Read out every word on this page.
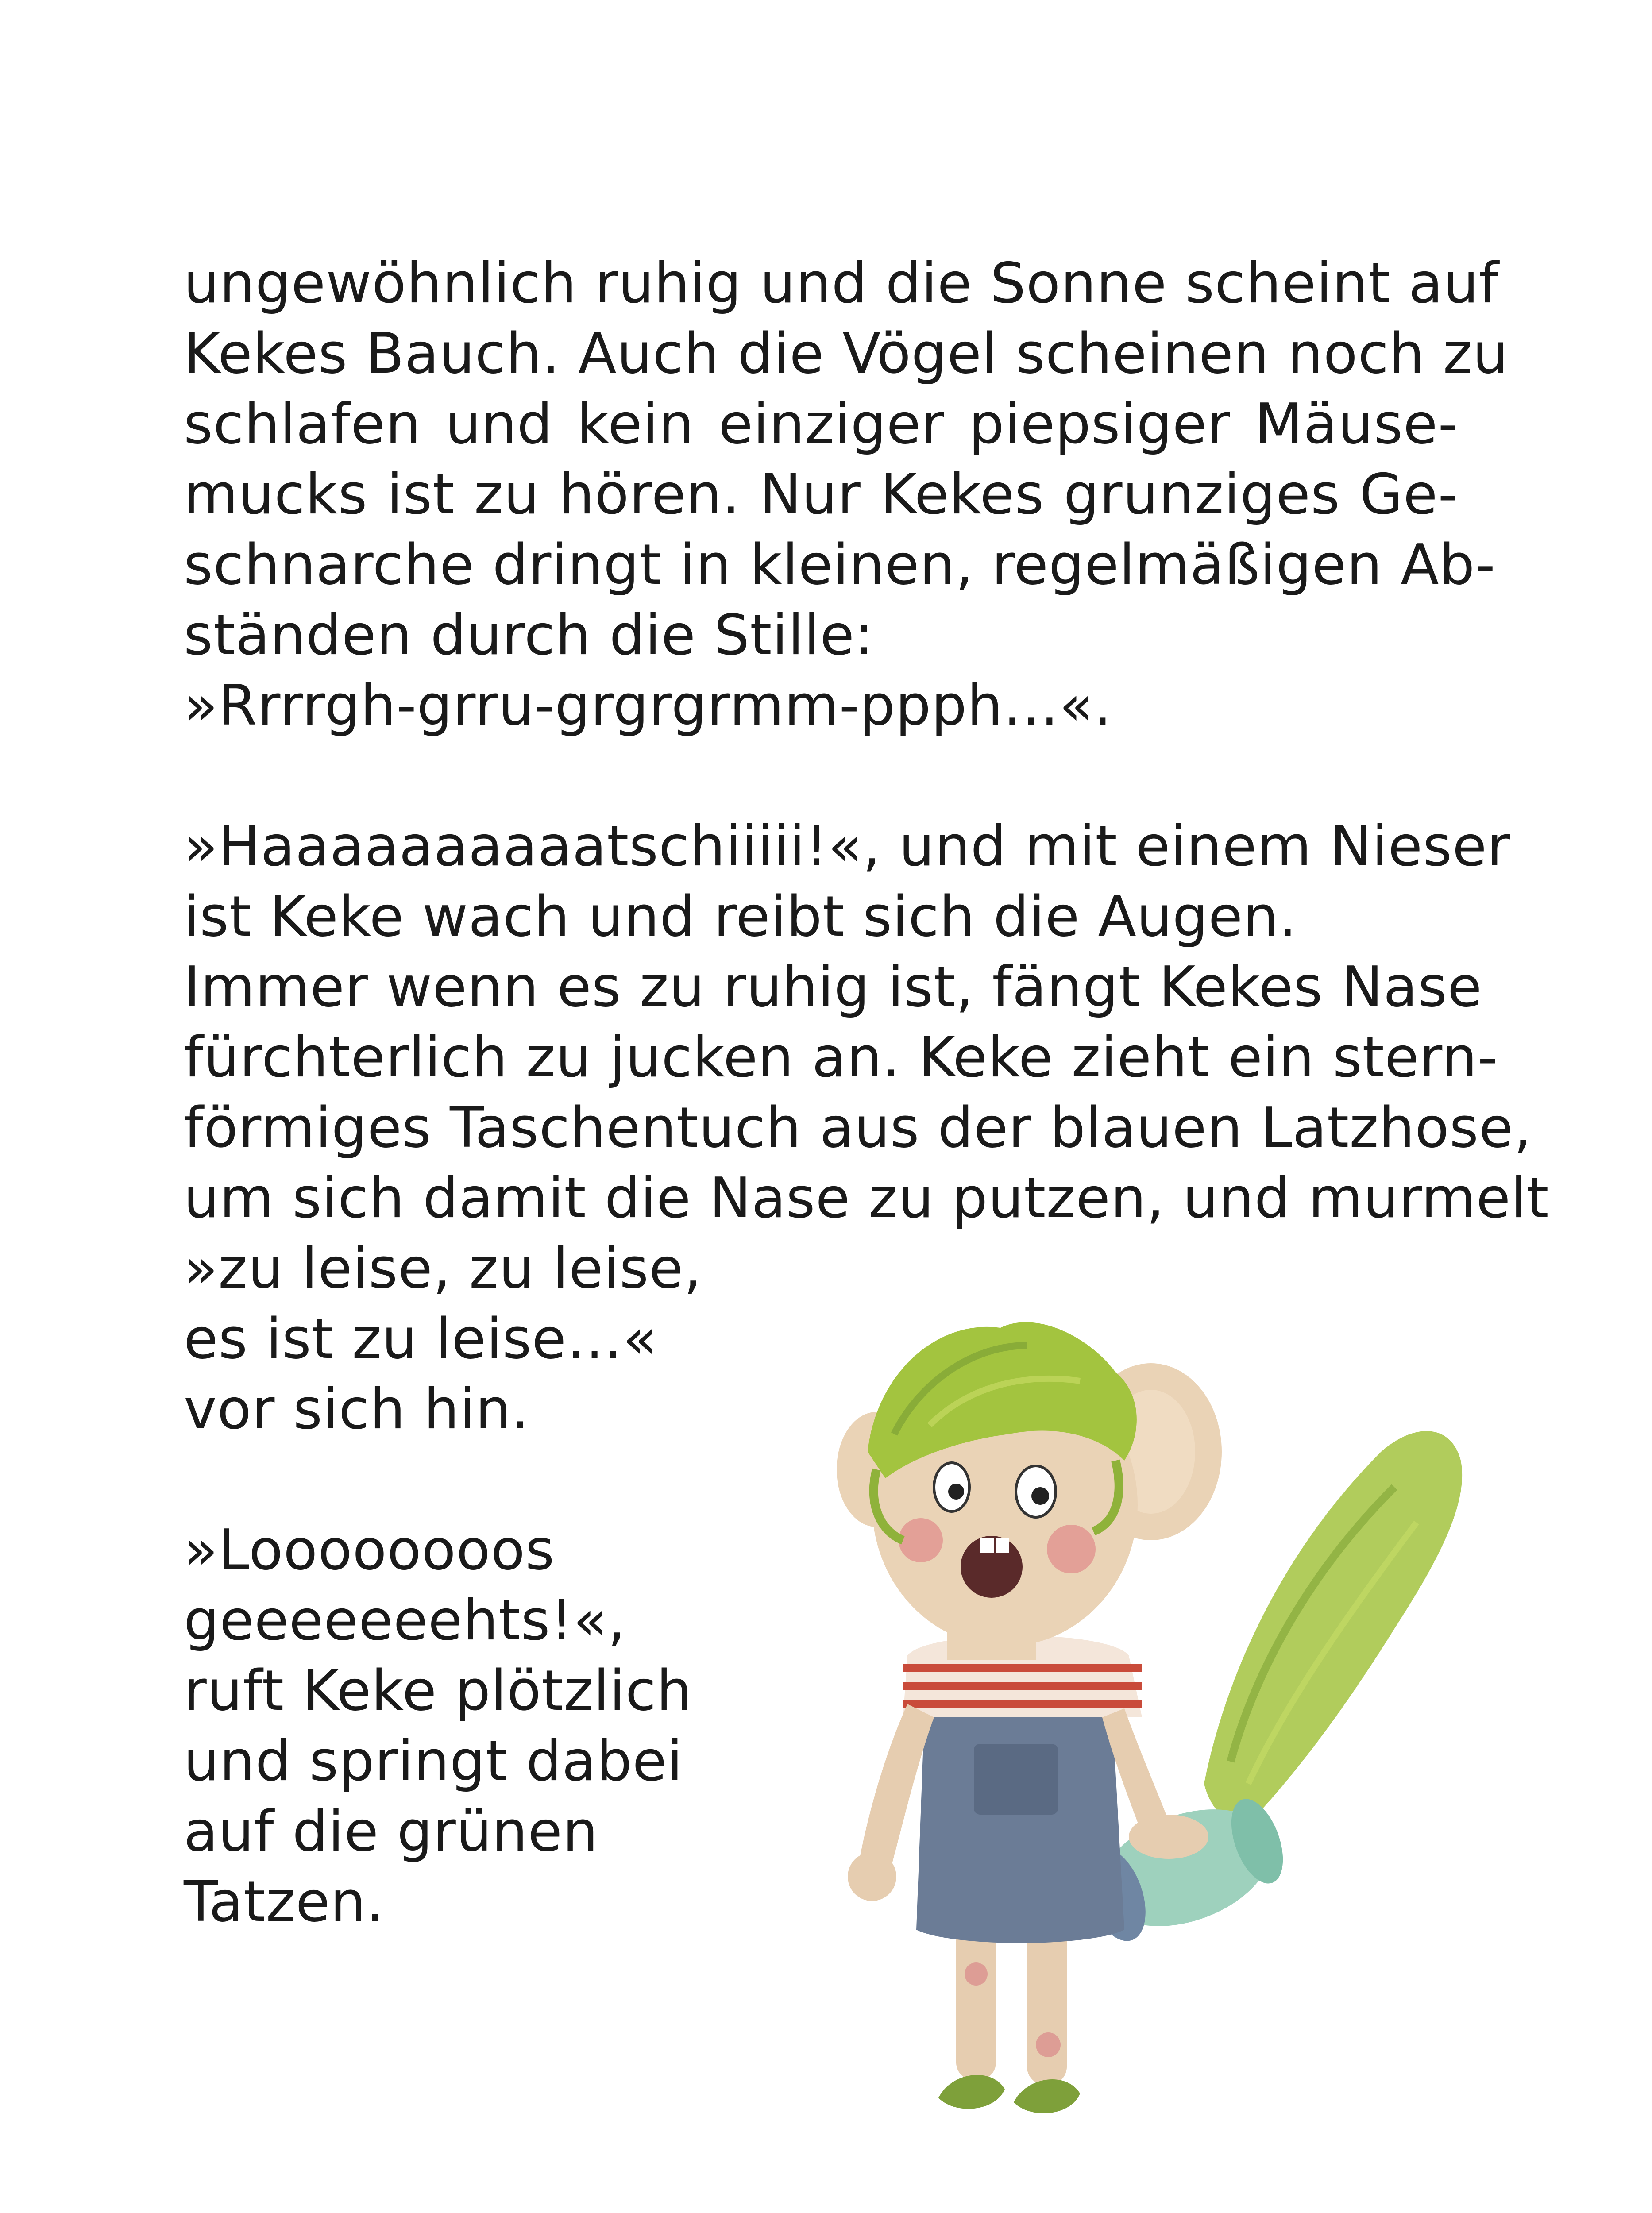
ungewöhnlich ruhig und die Sonne scheint auf
Kekes Bauch. Auch die Vögel scheinen noch zu
schlafen und kein einziger piepsiger Mäuse-
mucks ist zu hören. Nur Kekes grunziges Ge-
schnarche dringt in kleinen, regelmäßigen Ab-
ständen durch die Stille:
»Rrrrgh-grru-grgrgrmm-ppph…«.
»Haaaaaaaaaatschiiiii!«, und mit einem Nieser
ist Keke wach und reibt sich die Augen.
Immer wenn es zu ruhig ist, fängt Kekes Nase
fürchterlich zu jucken an. Keke zieht ein stern-
förmiges Taschentuch aus der blauen Latzhose,
um sich damit die Nase zu putzen, und murmelt
»zu leise, zu leise,
es ist zu leise…«
vor sich hin.
»Loooooooos
geeeeeeehts!«,
ruft Keke plötzlich
und springt dabei
auf die grünen
Tatzen.
